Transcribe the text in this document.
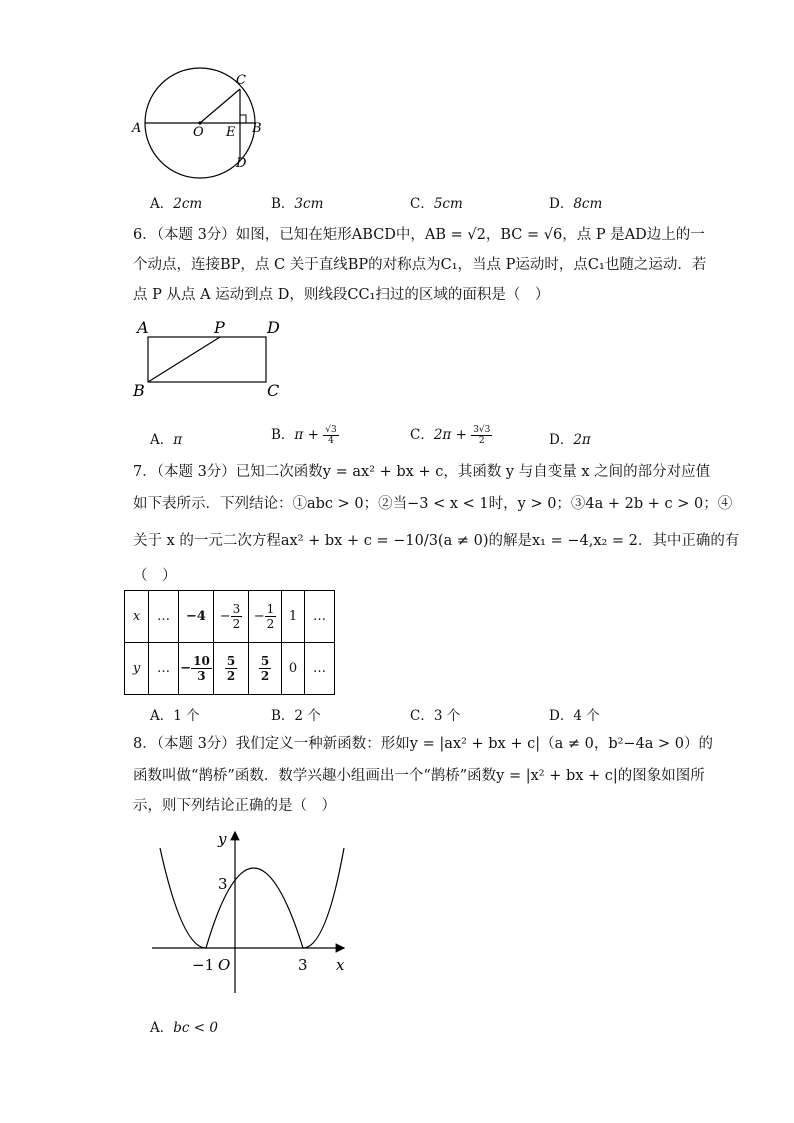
A	O E B
C
D
A．2cm	B．3cm	C．5cm	D．8cm
6．（本题 3分）如图，已知在矩形ABCD中，AB = √2，BC = √6，点 P 是AD边上的一
个动点，连接BP，点 C 关于直线BP的对称点为C₁，当点 P运动时，点C₁也随之运动．若
点 P 从点 A 运动到点 D，则线段CC₁扫过的区域的面积是（　）
A	P	D
B	C
A．π	B．$\pi + \frac{√3}{4}$	C．$2\pi + \frac{3√3}{2}$	D．2π
7．（本题 3分）已知二次函数y = ax² + bx + c，其函数 y 与自变量 x 之间的部分对应值
如下表所示．下列结论：①abc > 0；②当−3 < x < 1时，y > 0；③4a + 2b + c > 0；④
关于 x 的一元二次方程ax² + bx + c = −10/3(a ≠ 0)的解是x₁ = −4,x₂ = 2．其中正确的有
（　）
x	…	−4	− $\frac{3}{2}$	− $\frac{1}{2}$	1	…
y	…	− $\frac{10}{3}$	$\frac{5}{2}$	$\frac{5}{2}$	0	…
A．1 个	B．2 个	C．3 个	D．4 个
8．（本题 3分）我们定义一种新函数：形如y = |ax² + bx + c|（a ≠ 0，b²−4a > 0）的
函数叫做“鹊桥”函数．数学兴趣小组画出一个“鹊桥”函数y = |x² + bx + c|的图象如图所
示，则下列结论正确的是（　）
y
x
O
3
−1	3
A．bc < 0
